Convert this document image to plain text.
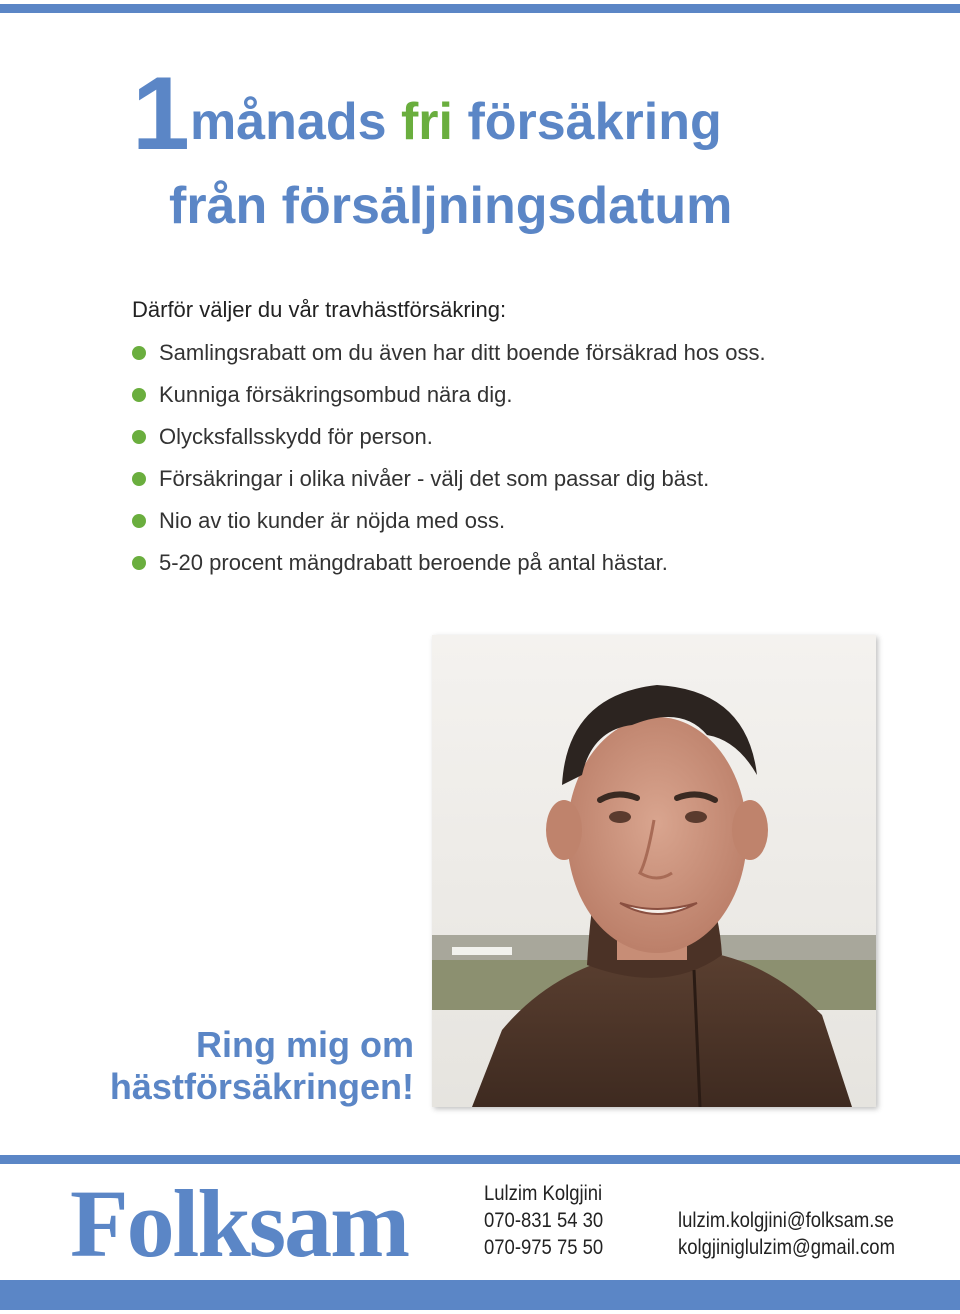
1 månads fri försäkring
från försäljningsdatum
Därför väljer du vår travhästförsäkring:
Samlingsrabatt om du även har ditt boende försäkrad hos oss.
Kunniga försäkringsombud nära dig.
Olycksfallsskydd för person.
Försäkringar i olika nivåer - välj det som passar dig bäst.
Nio av tio kunder är nöjda med oss.
5-20 procent mängdrabatt beroende på antal hästar.
Ring mig om
hästförsäkringen!
Folksam	Lulzim Kolgjini
070-831 54 30
070-975 75 50
lulzim.kolgjini@folksam.se
kolgjiniglulzim@gmail.com
